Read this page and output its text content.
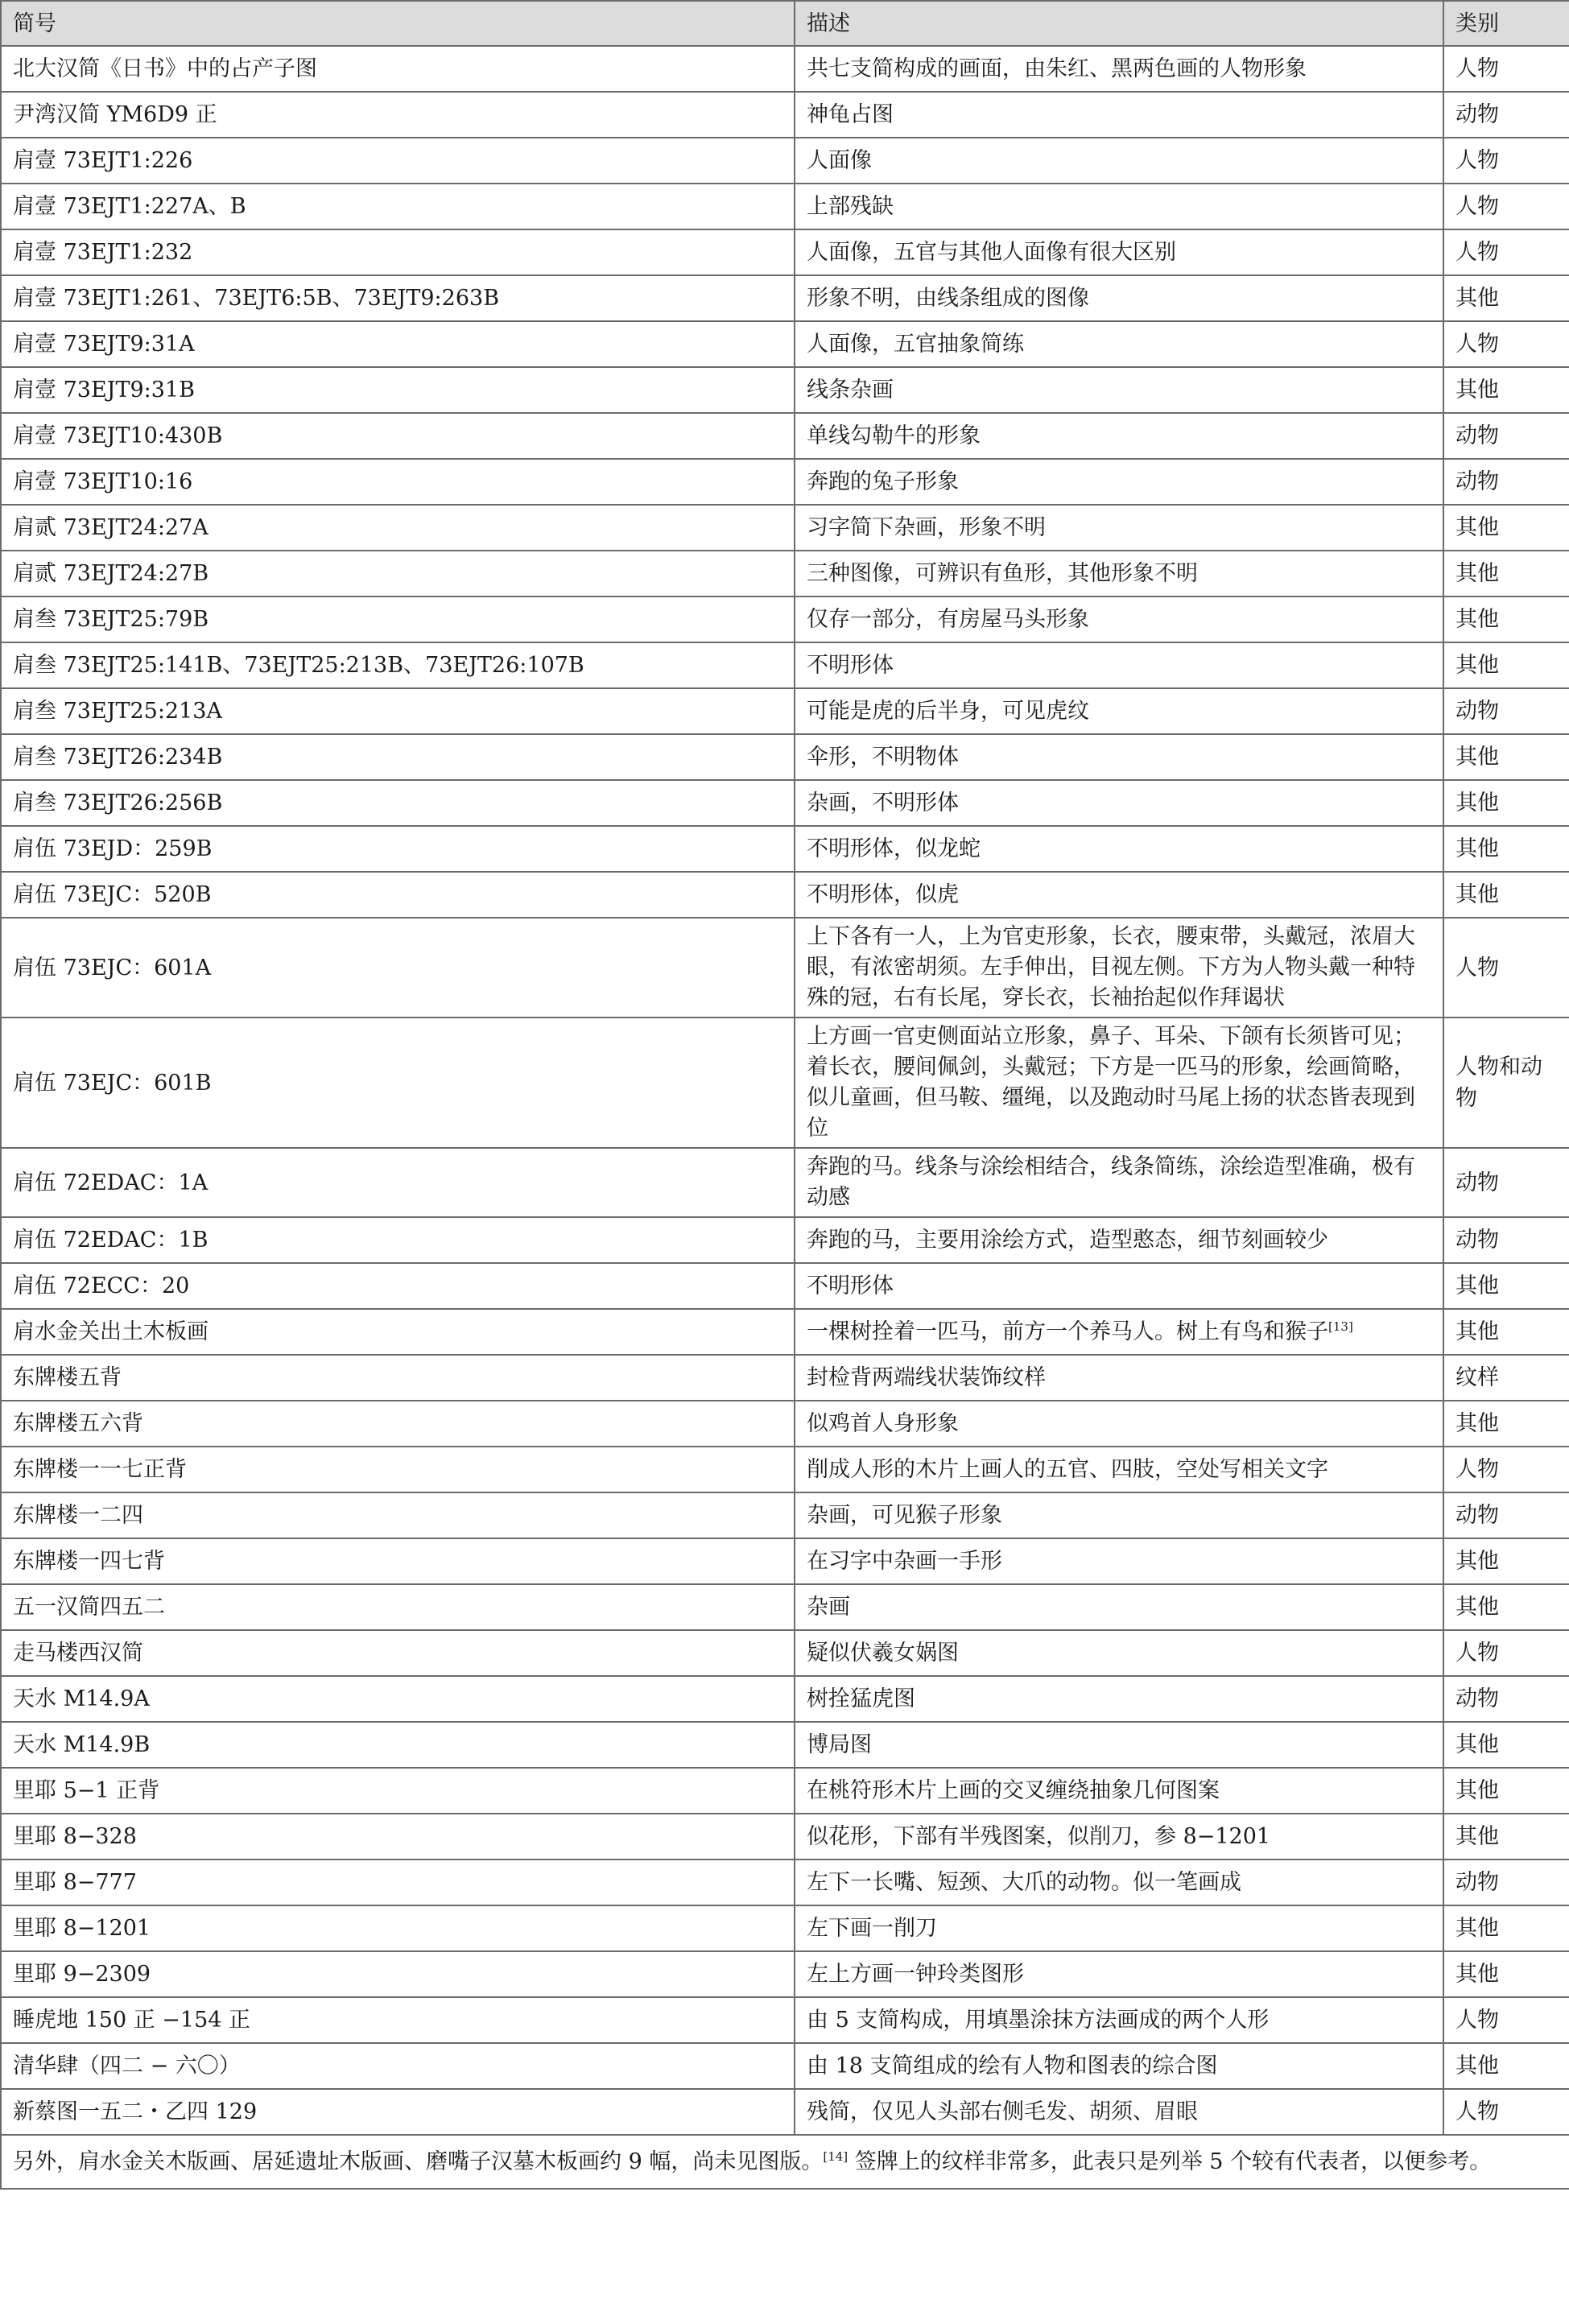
简号	描述	类别
北大汉简《日书》中的占产子图	共七支简构成的画面，由朱红、黑两色画的人物形象	人物
尹湾汉简 YM6D9 正	神龟占图	动物
肩壹 73EJT1:226	人面像	人物
肩壹 73EJT1:227A、B	上部残缺	人物
肩壹 73EJT1:232	人面像，五官与其他人面像有很大区别	人物
肩壹 73EJT1:261、73EJT6:5B、73EJT9:263B	形象不明，由线条组成的图像	其他
肩壹 73EJT9:31A	人面像，五官抽象简练	人物
肩壹 73EJT9:31B	线条杂画	其他
肩壹 73EJT10:430B	单线勾勒牛的形象	动物
肩壹 73EJT10:16	奔跑的兔子形象	动物
肩贰 73EJT24:27A	习字简下杂画，形象不明	其他
肩贰 73EJT24:27B	三种图像，可辨识有鱼形，其他形象不明	其他
肩叁 73EJT25:79B	仅存一部分，有房屋马头形象	其他
肩叁 73EJT25:141B、73EJT25:213B、73EJT26:107B	不明形体	其他
肩叁 73EJT25:213A	可能是虎的后半身，可见虎纹	动物
肩叁 73EJT26:234B	伞形，不明物体	其他
肩叁 73EJT26:256B	杂画，不明形体	其他
肩伍 73EJD：259B	不明形体，似龙蛇	其他
肩伍 73EJC：520B	不明形体，似虎	其他
肩伍 73EJC：601A	上下各有一人，上为官吏形象，长衣，腰束带，头戴冠，浓眉大眼，有浓密胡须。左手伸出，目视左侧。下方为人物头戴一种特殊的冠，右有长尾，穿长衣，长袖抬起似作拜谒状	人物
肩伍 73EJC：601B	上方画一官吏侧面站立形象，鼻子、耳朵、下颌有长须皆可见；着长衣，腰间佩剑，头戴冠；下方是一匹马的形象，绘画简略，似儿童画，但马鞍、缰绳，以及跑动时马尾上扬的状态皆表现到位	人物和动物
肩伍 72EDAC：1A	奔跑的马。线条与涂绘相结合，线条简练，涂绘造型准确，极有动感	动物
肩伍 72EDAC：1B	奔跑的马，主要用涂绘方式，造型憨态，细节刻画较少	动物
肩伍 72ECC：20	不明形体	其他
肩水金关出土木板画	一棵树拴着一匹马，前方一个养马人。树上有鸟和猴子[13]	其他
东牌楼五背	封检背两端线状装饰纹样	纹样
东牌楼五六背	似鸡首人身形象	其他
东牌楼一一七正背	削成人形的木片上画人的五官、四肢，空处写相关文字	人物
东牌楼一二四	杂画，可见猴子形象	动物
东牌楼一四七背	在习字中杂画一手形	其他
五一汉简四五二	杂画	其他
走马楼西汉简	疑似伏羲女娲图	人物
天水 M14.9A	树拴猛虎图	动物
天水 M14.9B	博局图	其他
里耶 5−1 正背	在桃符形木片上画的交叉缠绕抽象几何图案	其他
里耶 8−328	似花形，下部有半残图案，似削刀，参 8−1201	其他
里耶 8−777	左下一长嘴、短颈、大爪的动物。似一笔画成	动物
里耶 8−1201	左下画一削刀	其他
里耶 9−2309	左上方画一钟玲类图形	其他
睡虎地 150 正 −154 正	由 5 支简构成，用填墨涂抹方法画成的两个人形	人物
清华肆（四二 − 六〇）	由 18 支简组成的绘有人物和图表的综合图	其他
新蔡图一五二・乙四 129	残简，仅见人头部右侧毛发、胡须、眉眼	人物
另外，肩水金关木版画、居延遗址木版画、磨嘴子汉墓木板画约 9 幅，尚未见图版。[14] 签牌上的纹样非常多，此表只是列举 5 个较有代表者，以便参考。		
